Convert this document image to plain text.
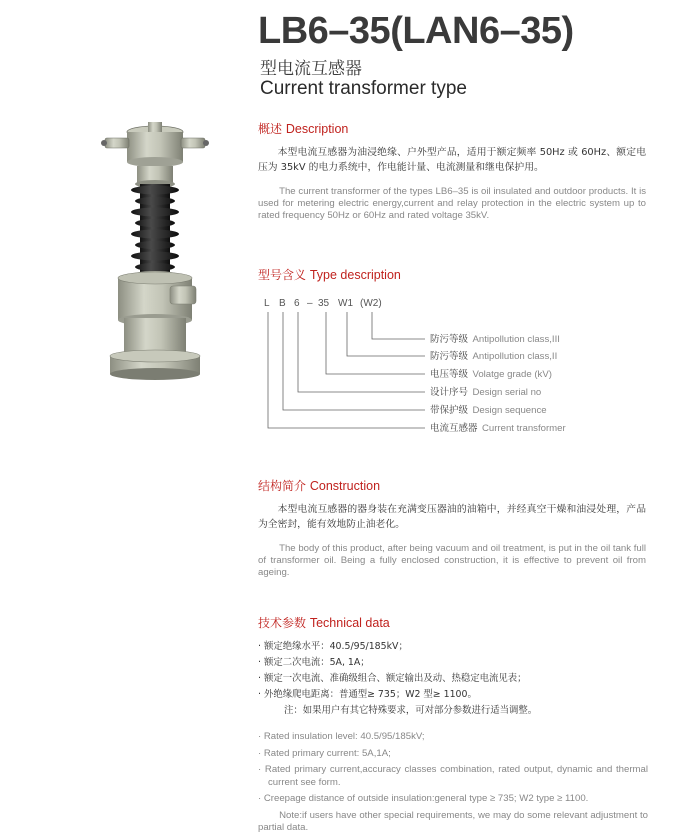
LB6–35(LAN6–35)
型电流互感器
Current transformer type
概述 Description
本型电流互感器为油浸绝缘、户外型产品，适用于额定频率 50Hz 或 60Hz、额定电压为 35kV 的电力系统中，作电能计量、电流测量和继电保护用。
The current transformer of the types LB6–35 is oil insulated and outdoor products. It is used for metering electric energy,current and relay protection in the electric system up to rated frequency 50Hz or 60Hz and rated voltage 35kV.
型号含义 Type description
L B 6 – 35 W1 (W2)
防污等级 Antipollution class,III
防污等级 Antipollution class,II
电压等级 Volatge grade (kV)
设计序号 Design serial no
带保护级 Design sequence
电流互感器 Current transformer
结构简介 Construction
本型电流互感器的器身装在充满变压器油的油箱中，并经真空干燥和油浸处理，产品为全密封，能有效地防止油老化。
The body of this product, after being vacuum and oil treatment, is put in the oil tank full of transformer oil. Being a fully enclosed construction, it is effective to prevent oil from ageing.
技术参数 Technical data
· 额定绝缘水平：40.5/95/185kV；
· 额定二次电流：5A, 1A；
· 额定一次电流、准确级组合、额定输出及动、热稳定电流见表；
· 外绝缘爬电距离：普通型≥ 735；W2 型≥ 1100。
注：如果用户有其它特殊要求，可对部分参数进行适当调整。
· Rated insulation level: 40.5/95/185kV;
· Rated primary current: 5A,1A;
· Rated primary current,accuracy classes combination, rated output, dynamic and thermal current see form.
· Creepage distance of outside insulation:general type ≥ 735; W2 type ≥ 1100.
Note:if users have other special requirements, we may do some relevant adjustment to partial data.
